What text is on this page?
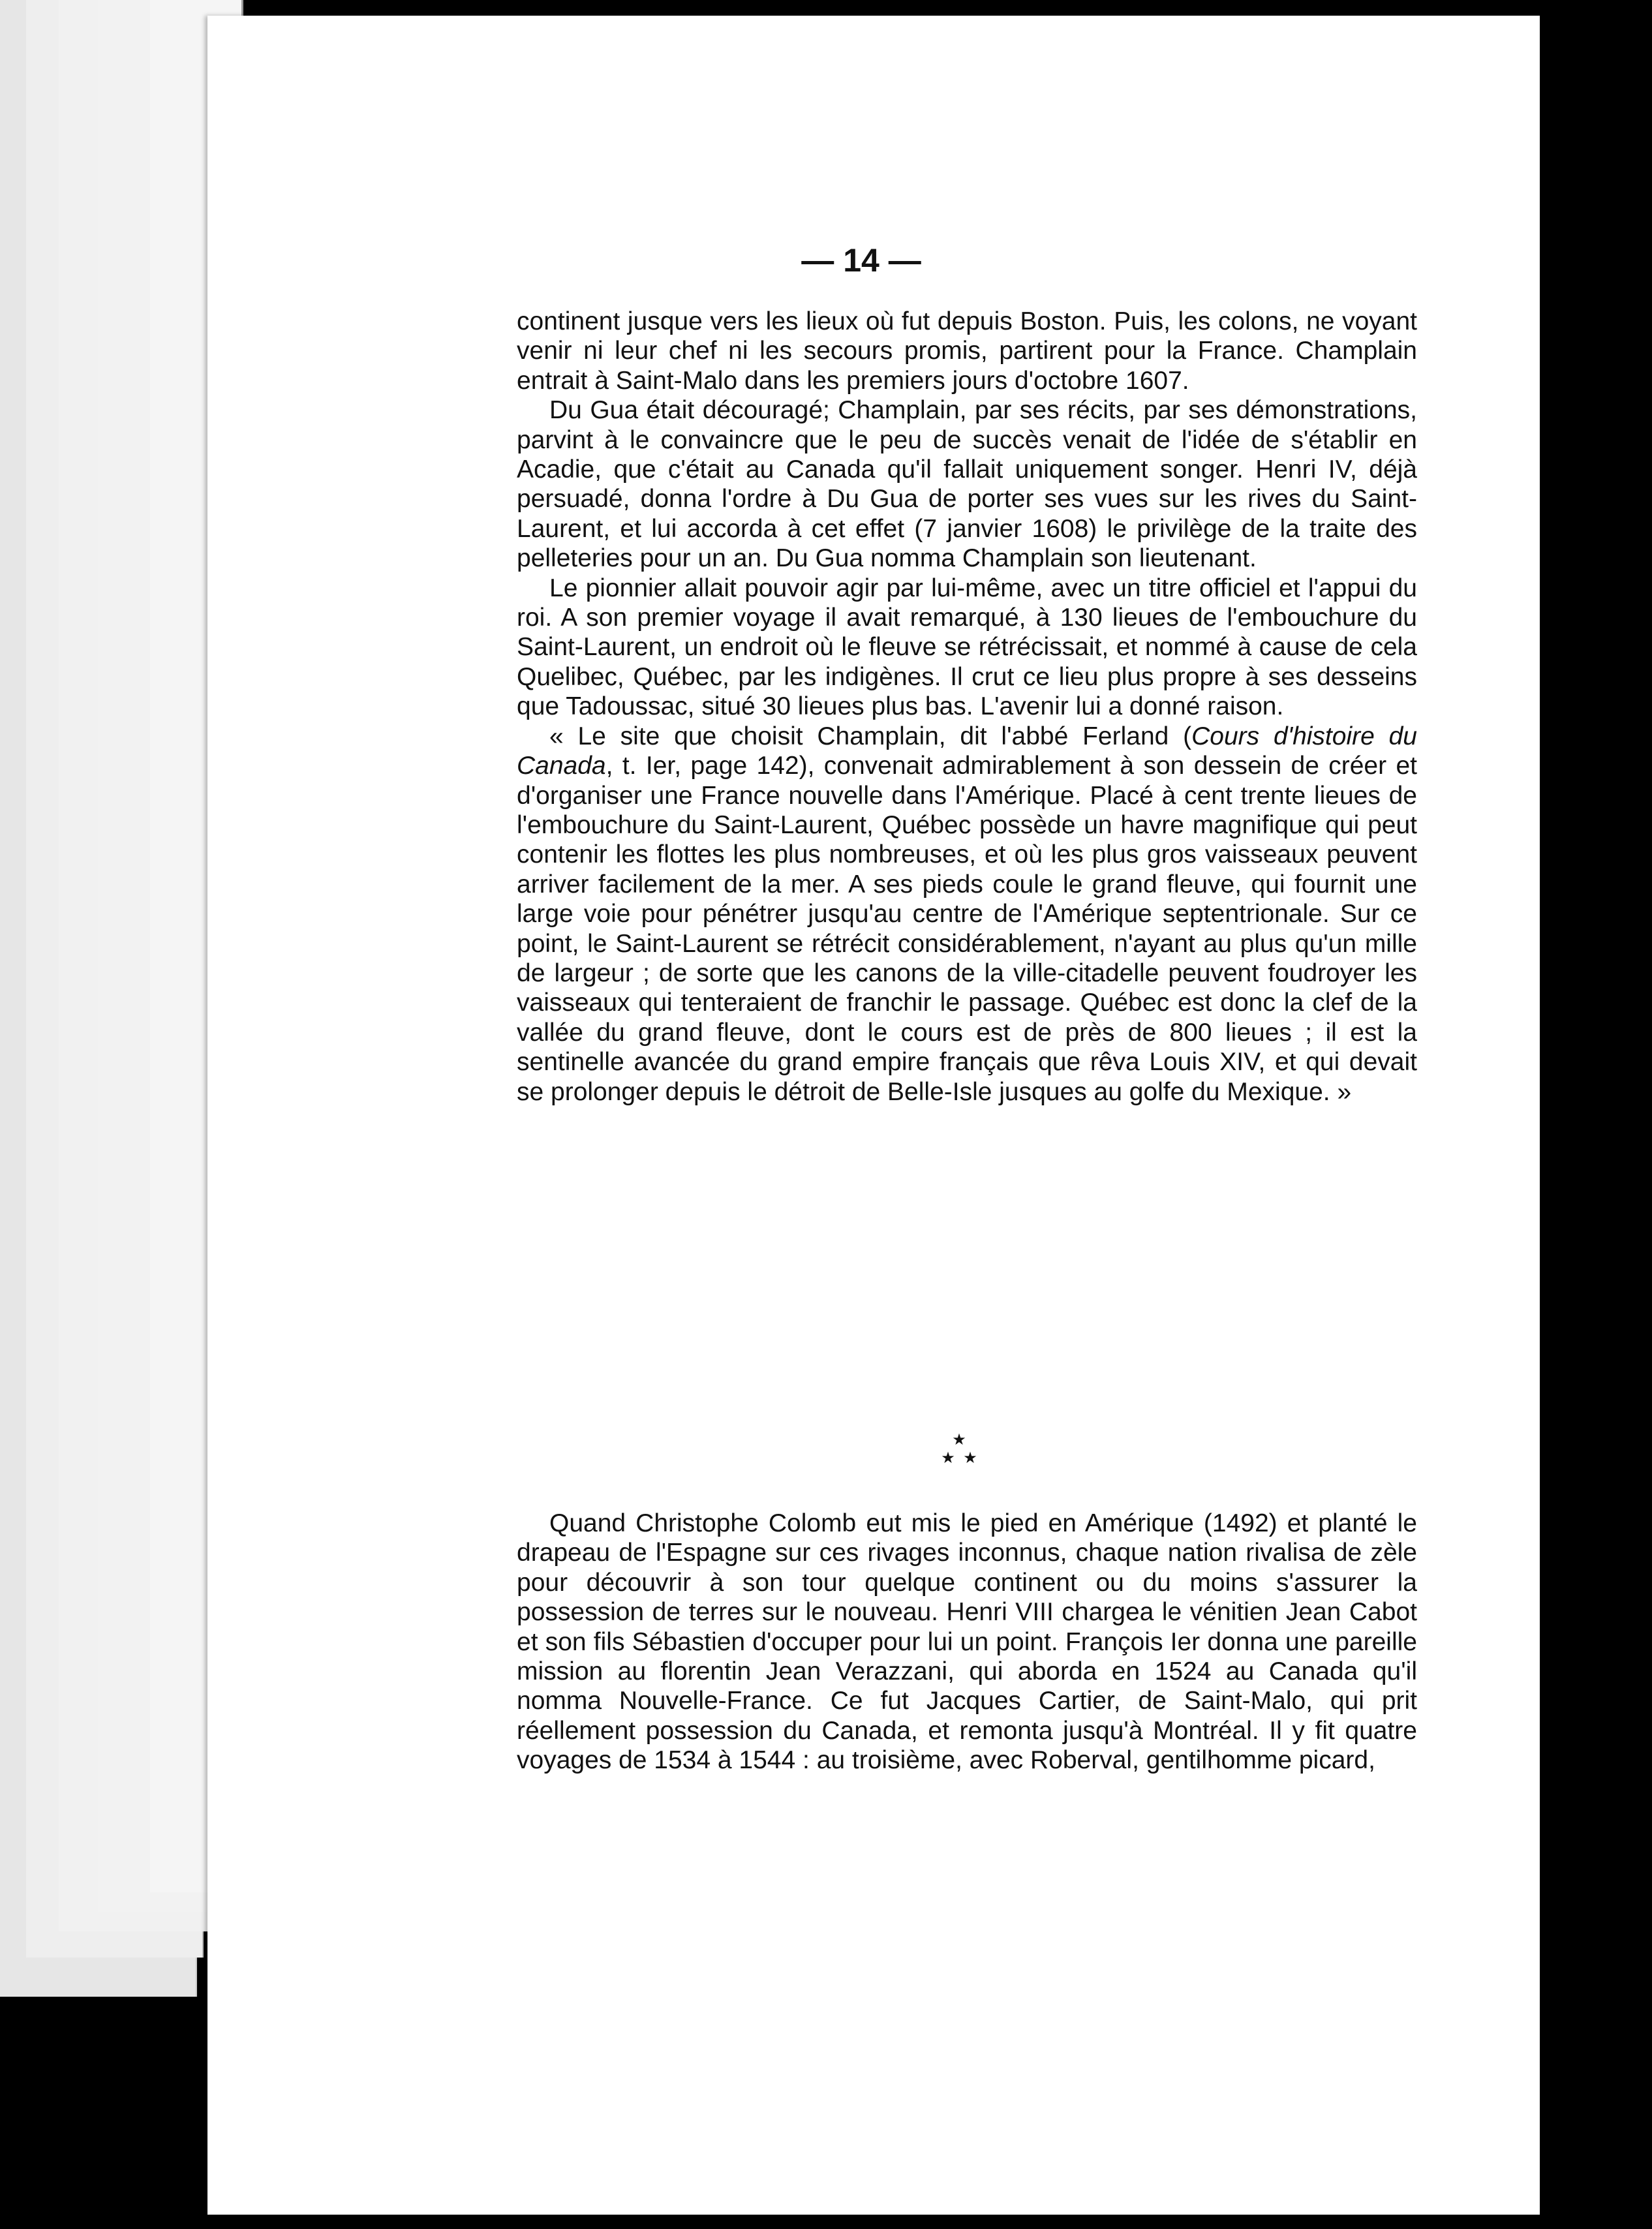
— 14 —

continent jusque vers les lieux où fut depuis Boston. Puis, les colons, ne voyant venir ni leur chef ni les secours promis, partirent pour la France. Champlain entrait à Saint-Malo dans les premiers jours d'octobre 1607.

Du Gua était découragé; Champlain, par ses récits, par ses démonstrations, parvint à le convaincre que le peu de succès venait de l'idée de s'établir en Acadie, que c'était au Canada qu'il fallait uniquement songer. Henri IV, déjà persuadé, donna l'ordre à Du Gua de porter ses vues sur les rives du Saint-Laurent, et lui accorda à cet effet (7 janvier 1608) le privilège de la traite des pelleteries pour un an. Du Gua nomma Champlain son lieutenant.

Le pionnier allait pouvoir agir par lui-même, avec un titre officiel et l'appui du roi. A son premier voyage il avait remarqué, à 130 lieues de l'embouchure du Saint-Laurent, un endroit où le fleuve se rétrécissait, et nommé à cause de cela Quelibec, Québec, par les indigènes. Il crut ce lieu plus propre à ses desseins que Tadoussac, situé 30 lieues plus bas. L'avenir lui a donné raison.

« Le site que choisit Champlain, dit l'abbé Ferland (Cours d'histoire du Canada, t. Ier, page 142), convenait admirablement à son dessein de créer et d'organiser une France nouvelle dans l'Amérique. Placé à cent trente lieues de l'embouchure du Saint-Laurent, Québec possède un havre magnifique qui peut contenir les flottes les plus nombreuses, et où les plus gros vaisseaux peuvent arriver facilement de la mer. A ses pieds coule le grand fleuve, qui fournit une large voie pour pénétrer jusqu'au centre de l'Amérique septentrionale. Sur ce point, le Saint-Laurent se rétrécit considérablement, n'ayant au plus qu'un mille de largeur ; de sorte que les canons de la ville-citadelle peuvent foudroyer les vaisseaux qui tenteraient de franchir le passage. Québec est donc la clef de la vallée du grand fleuve, dont le cours est de près de 800 lieues ; il est la sentinelle avancée du grand empire français que rêva Louis XIV, et qui devait se prolonger depuis le détroit de Belle-Isle jusques au golfe du Mexique. »

★
★ ★

Quand Christophe Colomb eut mis le pied en Amérique (1492) et planté le drapeau de l'Espagne sur ces rivages inconnus, chaque nation rivalisa de zèle pour découvrir à son tour quelque continent ou du moins s'assurer la possession de terres sur le nouveau. Henri VIII chargea le vénitien Jean Cabot et son fils Sébastien d'occuper pour lui un point. François Ier donna une pareille mission au florentin Jean Verazzani, qui aborda en 1524 au Canada qu'il nomma Nouvelle-France. Ce fut Jacques Cartier, de Saint-Malo, qui prit réellement possession du Canada, et remonta jusqu'à Montréal. Il y fit quatre voyages de 1534 à 1544 : au troisième, avec Roberval, gentilhomme picard,
